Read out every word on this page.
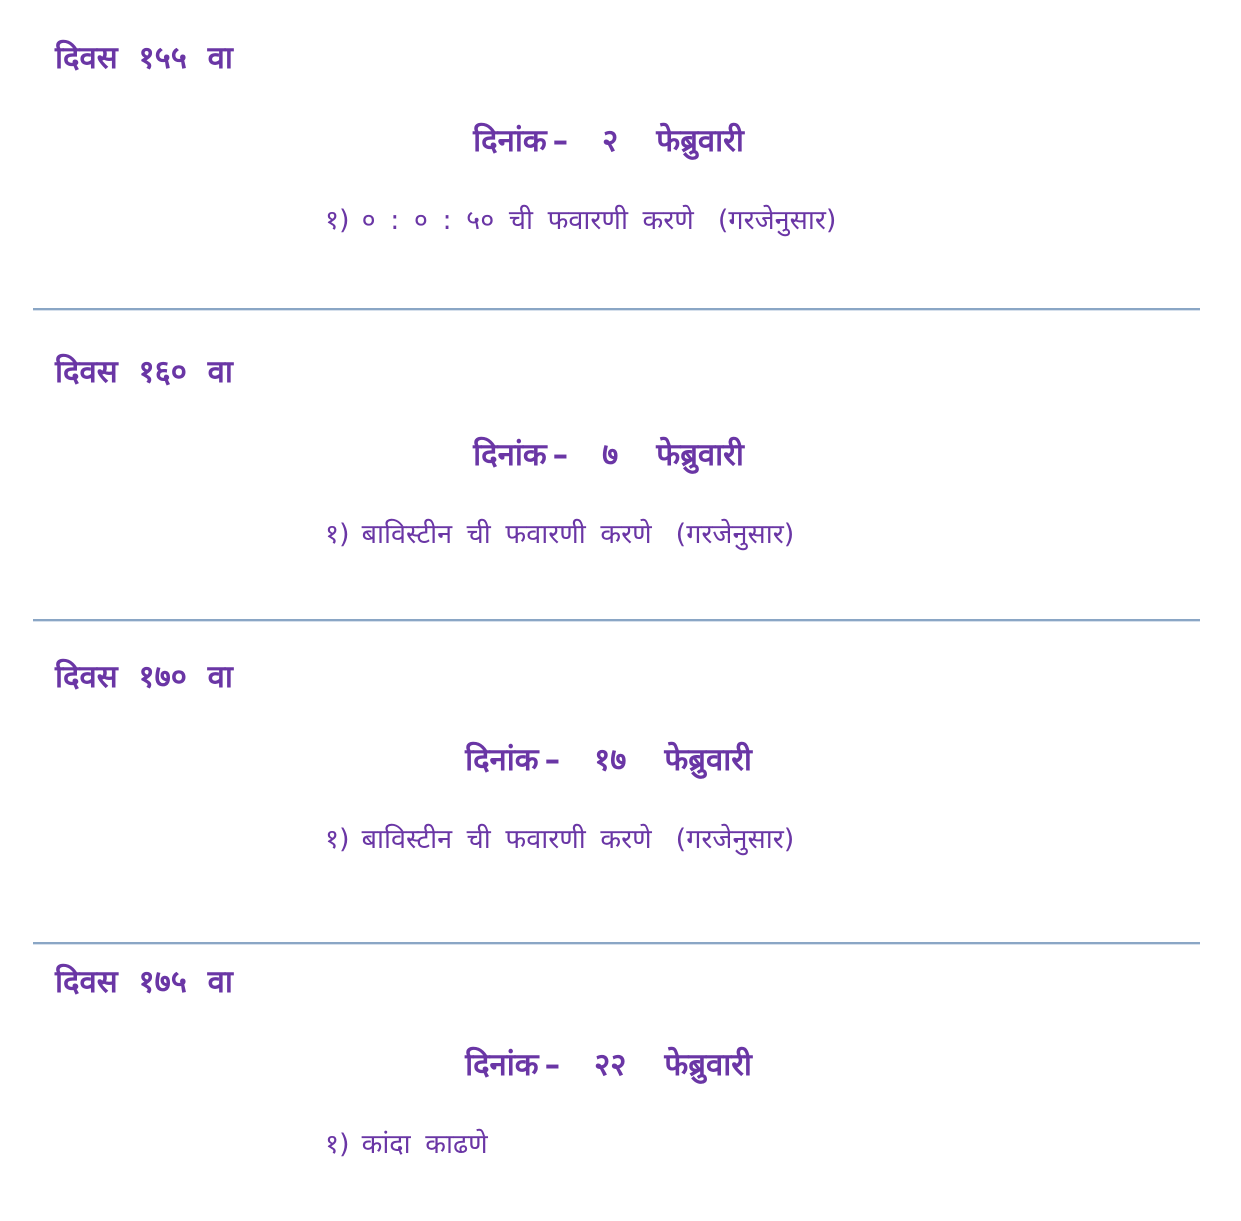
दिवस १५५ वा
दिनांक – २ फेब्रुवारी
१) ० : ० : ५० ची फवारणी करणे (गरजेनुसार)
दिवस १६० वा
दिनांक – ७ फेब्रुवारी
१) बाविस्टीन ची फवारणी करणे (गरजेनुसार)
दिवस १७० वा
दिनांक – १७ फेब्रुवारी
१) बाविस्टीन ची फवारणी करणे (गरजेनुसार)
दिवस १७५ वा
दिनांक – २२ फेब्रुवारी
१) कांदा काढणे
